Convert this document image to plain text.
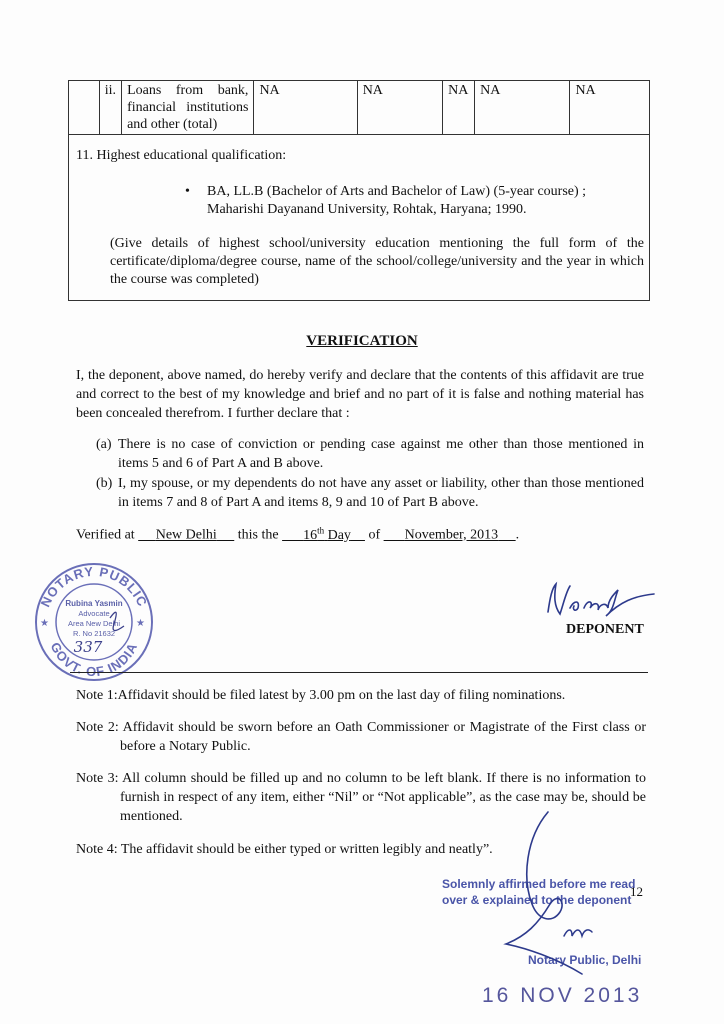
	ii.	Loans from bank, financial institutions and other (total)	NA	NA	NA	NA	NA
11. Highest educational qualification:
• BA, LL.B (Bachelor of Arts and Bachelor of Law) (5-year course) ;
Maharishi Dayanand University, Rohtak, Haryana; 1990.
(Give details of highest school/university education mentioning the full form of the certificate/diploma/degree course, name of the school/college/university and the year in which the course was completed)
VERIFICATION
I, the deponent, above named, do hereby verify and declare that the contents of this affidavit are true and correct to the best of my knowledge and brief and no part of it is false and nothing material has been concealed therefrom. I further declare that :
(a) There is no case of conviction or pending case against me other than those mentioned in items 5 and 6 of Part A and B above.
(b) I, my spouse, or my dependents do not have any asset or liability, other than those mentioned in items 7 and 8 of Part A and items 8, 9 and 10 of Part B above.
Verified at New Delhi this the 16th Day of November, 2013 .
NOTARY PUBLIC
GOVT. OF INDIA
Rubina Yasmin
Advocate
Area New Delhi
R. No 21632
337
★	★	DEPONENT
Note 1:Affidavit should be filed latest by 3.00 pm on the last day of filing nominations.
Note 2: Affidavit should be sworn before an Oath Commissioner or Magistrate of the First class or before a Notary Public.
Note 3: All column should be filled up and no column to be left blank. If there is no information to furnish in respect of any item, either “Nil” or “Not applicable”, as the case may be, should be mentioned.
Note 4: The affidavit should be either typed or written legibly and neatly”.
Solemnly affirmed before me read
over & explained to the deponent
12
Notary Public, Delhi
16 NOV 2013
